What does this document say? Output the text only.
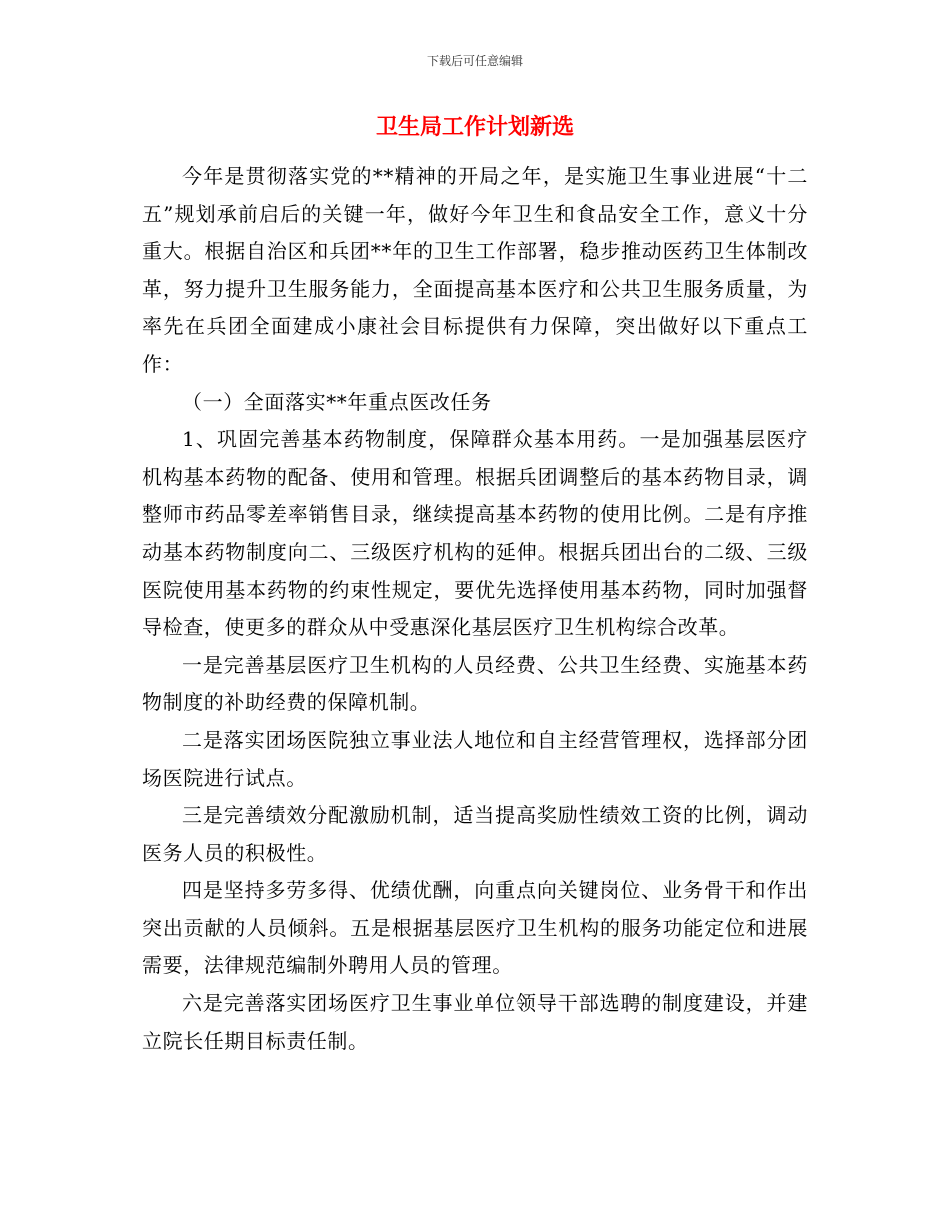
下载后可任意编辑
卫生局工作计划新选

今年是贯彻落实党的**精神的开局之年，是实施卫生事业进展“十二五”规划承前启后的关键一年，做好今年卫生和食品安全工作，意义十分重大。根据自治区和兵团**年的卫生工作部署，稳步推动医药卫生体制改革，努力提升卫生服务能力，全面提高基本医疗和公共卫生服务质量，为率先在兵团全面建成小康社会目标提供有力保障，突出做好以下重点工作：

（一）全面落实**年重点医改任务

1、巩固完善基本药物制度，保障群众基本用药。一是加强基层医疗机构基本药物的配备、使用和管理。根据兵团调整后的基本药物目录，调整师市药品零差率销售目录，继续提高基本药物的使用比例。二是有序推动基本药物制度向二、三级医疗机构的延伸。根据兵团出台的二级、三级医院使用基本药物的约束性规定，要优先选择使用基本药物，同时加强督导检查，使更多的群众从中受惠深化基层医疗卫生机构综合改革。

一是完善基层医疗卫生机构的人员经费、公共卫生经费、实施基本药物制度的补助经费的保障机制。

二是落实团场医院独立事业法人地位和自主经营管理权，选择部分团场医院进行试点。

三是完善绩效分配激励机制，适当提高奖励性绩效工资的比例，调动医务人员的积极性。

四是坚持多劳多得、优绩优酬，向重点向关键岗位、业务骨干和作出突出贡献的人员倾斜。五是根据基层医疗卫生机构的服务功能定位和进展需要，法律规范编制外聘用人员的管理。

六是完善落实团场医疗卫生事业单位领导干部选聘的制度建设，并建立院长任期目标责任制。
